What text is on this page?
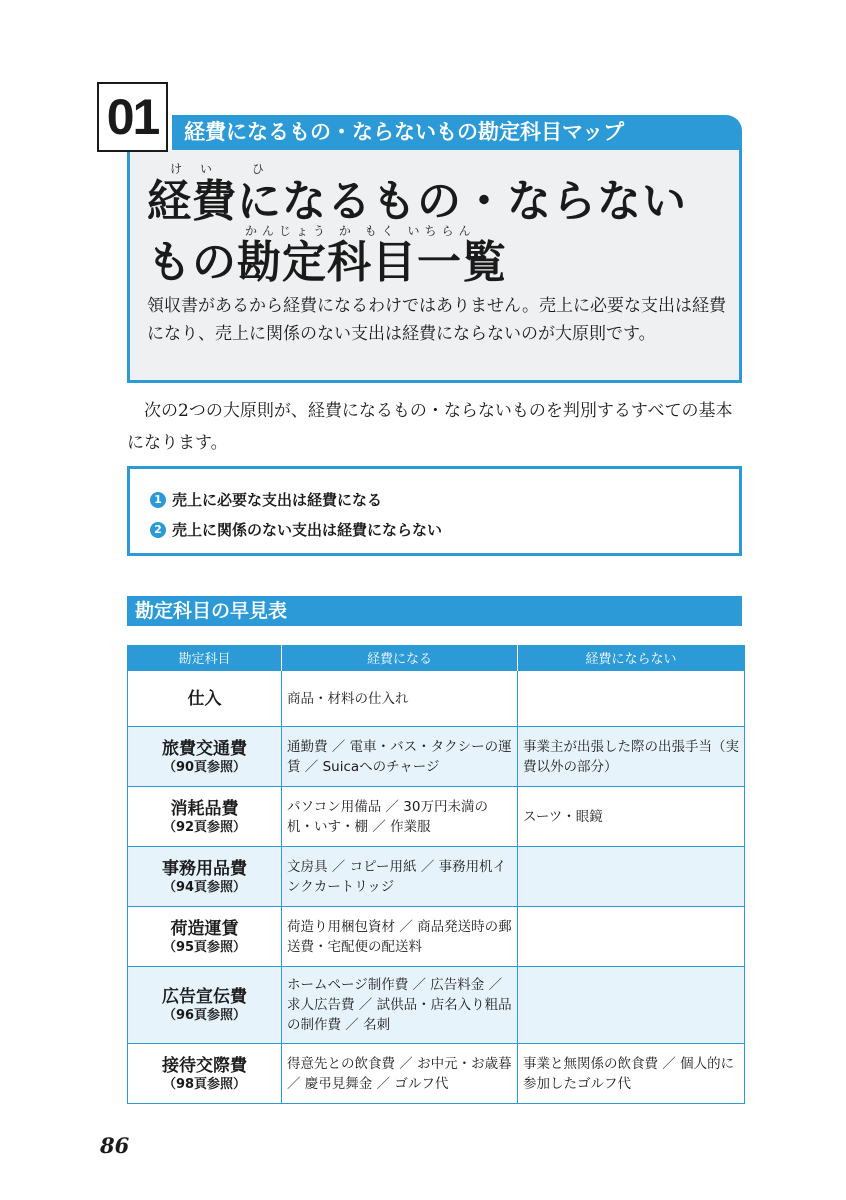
01	経費になるもの・ならないもの勘定科目マップ
けい ひ
経費になるもの・ならない
かんじょう か もく いちらん
もの勘定科目一覧
領収書があるから経費になるわけではありません。売上に必要な支出は経費になり、売上に関係のない支出は経費にならないのが大原則です。
次の2つの大原則が、経費になるもの・ならないものを判別するすべての基本になります。
1 売上に必要な支出は経費になる
2 売上に関係のない支出は経費にならない
勘定科目の早見表
勘定科目	経費になる	経費にならない

仕入	商品・材料の仕入れ	

旅費交通費
（90頁参照）	通勤費 ／ 電車・バス・タクシーの運賃 ／ Suicaへのチャージ	事業主が出張した際の出張手当（実費以外の部分）

消耗品費
（92頁参照）	パソコン用備品 ／ 30万円未満の机・いす・棚 ／ 作業服	スーツ・眼鏡

事務用品費
（94頁参照）	文房具 ／ コピー用紙 ／ 事務用机インクカートリッジ	

荷造運賃
（95頁参照）	荷造り用梱包資材 ／ 商品発送時の郵送費・宅配便の配送料	

広告宣伝費
（96頁参照）	ホームページ制作費 ／ 広告料金 ／ 求人広告費 ／ 試供品・店名入り粗品の制作費 ／ 名刺	

接待交際費
（98頁参照）	得意先との飲食費 ／ お中元・お歳暮 ／ 慶弔見舞金 ／ ゴルフ代	事業と無関係の飲食費 ／ 個人的に参加したゴルフ代
86
